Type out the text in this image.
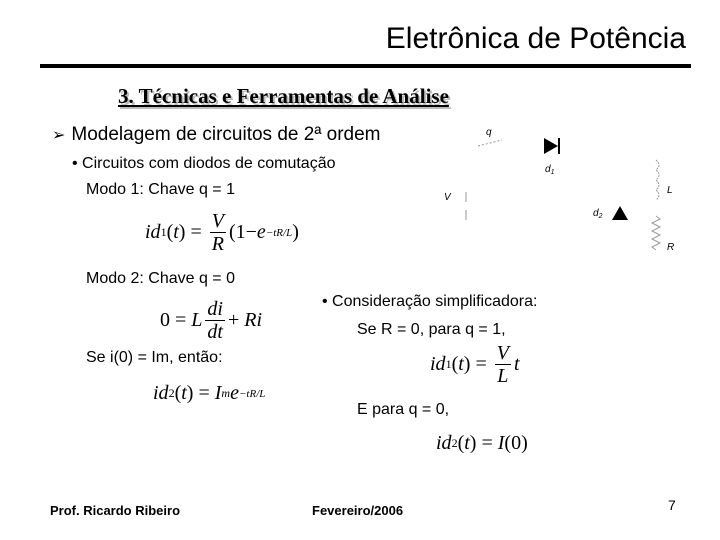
Eletrônica de Potência
3. Técnicas e Ferramentas de Análise
➢ Modelagem de circuitos de 2ª ordem
• Circuitos com diodos de comutação
Modo 1: Chave q = 1
id 1 ( t ) = $\frac{V}{R} (1- e -tR/L$ )
Modo 2: Chave q = 0
0 = L $\frac{di}{dt} + Ri$
• Consideração simplificadora:
Se R = 0, para q = 1,
Se i(0) = Im, então:	id 1 ( t ) = $\frac{V}{L}$ t
id 2 ( t ) = I m e −tR/L
E para q = 0,
id 2 ( t ) = I (0)
q
$d_1$
V
L
$d_2$
R
Prof. Ricardo Ribeiro	Fevereiro/2006	7
